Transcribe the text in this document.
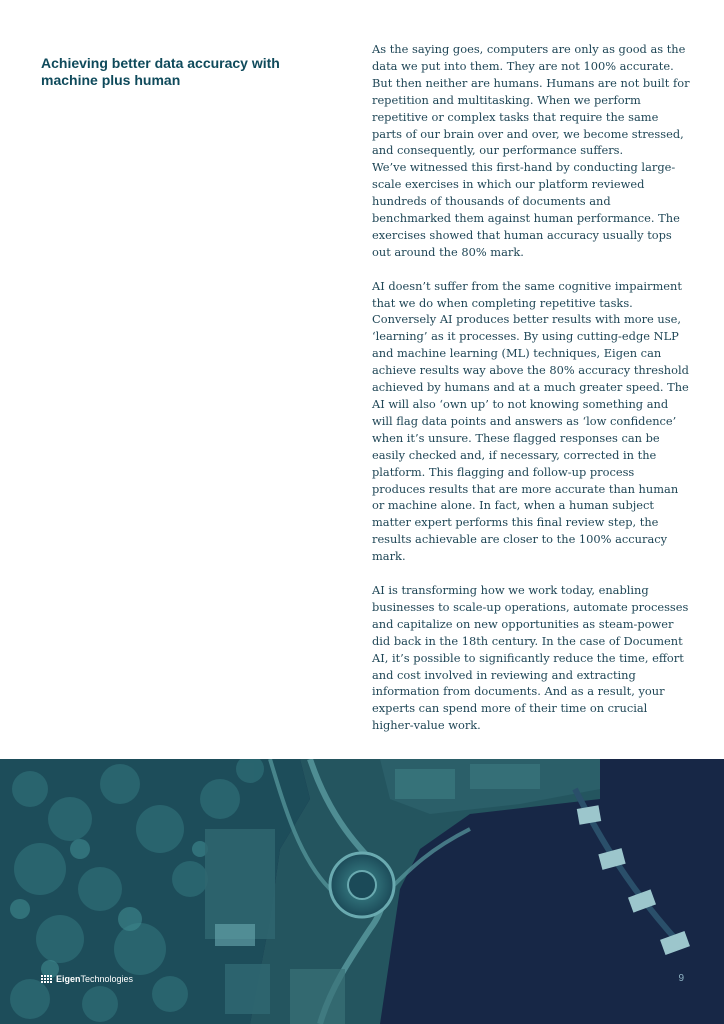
Achieving better data accuracy with machine plus human

As the saying goes, computers are only as good as the data we put into them. They are not 100% accurate. But then neither are humans. Humans are not built for repetition and multitasking. When we perform repetitive or complex tasks that require the same parts of our brain over and over, we become stressed, and consequently, our performance suffers.

We’ve witnessed this first-hand by conducting large-scale exercises in which our platform reviewed hundreds of thousands of documents and benchmarked them against human performance. The exercises showed that human accuracy usually tops out around the 80% mark.

AI doesn’t suffer from the same cognitive impairment that we do when completing repetitive tasks. Conversely AI produces better results with more use, ‘learning’ as it processes. By using cutting-edge NLP and machine learning (ML) techniques, Eigen can achieve results way above the 80% accuracy threshold achieved by humans and at a much greater speed. The AI will also ‘own up’ to not knowing something and will flag data points and answers as ‘low confidence’ when it’s unsure. These flagged responses can be easily checked and, if necessary, corrected in the platform. This flagging and follow-up process produces results that are more accurate than human or machine alone. In fact, when a human subject matter expert performs this final review step, the results achievable are closer to the 100% accuracy mark.

AI is transforming how we work today, enabling businesses to scale-up operations, automate processes and capitalize on new opportunities as steam-power did back in the 18th century. In the case of Document AI, it’s possible to significantly reduce the time, effort and cost involved in reviewing and extracting information from documents. And as a result, your experts can spend more of their time on crucial higher-value work.

EigenTechnologies	9
